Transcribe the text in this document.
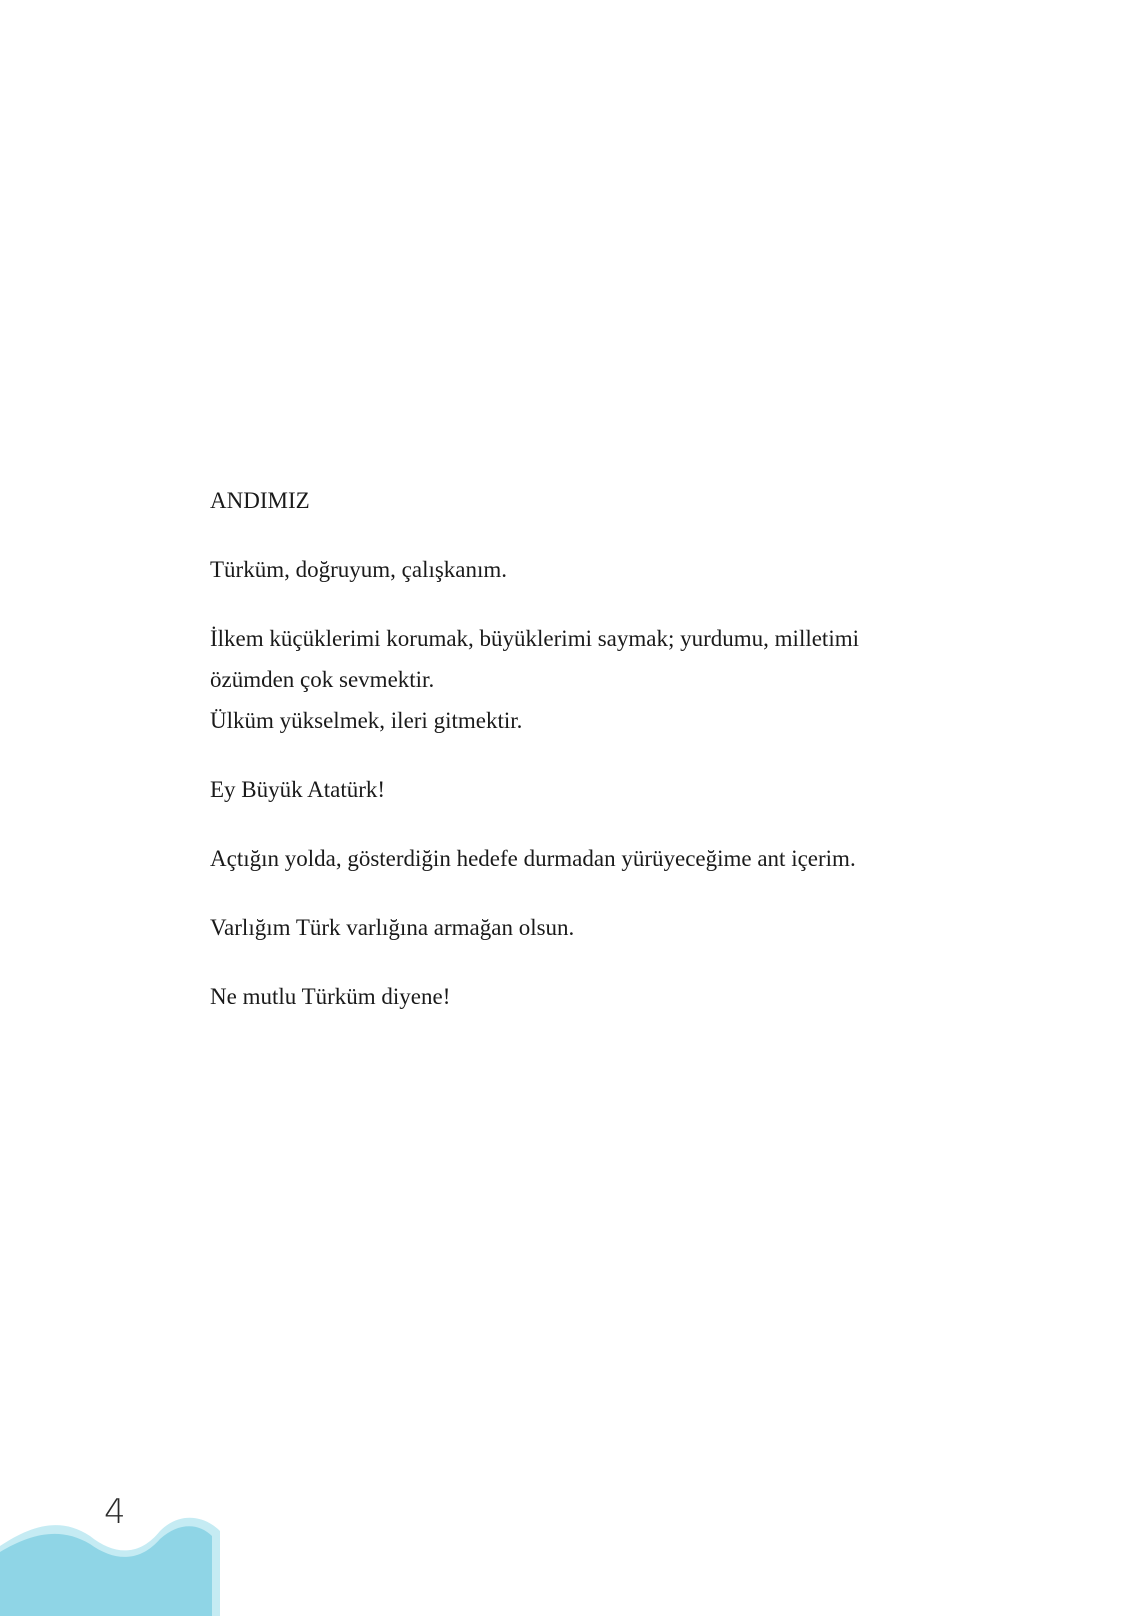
ANDIMIZ
Türküm, doğruyum, çalışkanım.
İlkem küçüklerimi korumak, büyüklerimi saymak; yurdumu, milletimi
özümden çok sevmektir.
Ülküm yükselmek, ileri gitmektir.
Ey Büyük Atatürk!
Açtığın yolda, gösterdiğin hedefe durmadan yürüyeceğime ant içerim.
Varlığım Türk varlığına armağan olsun.
Ne mutlu Türküm diyene!
4
